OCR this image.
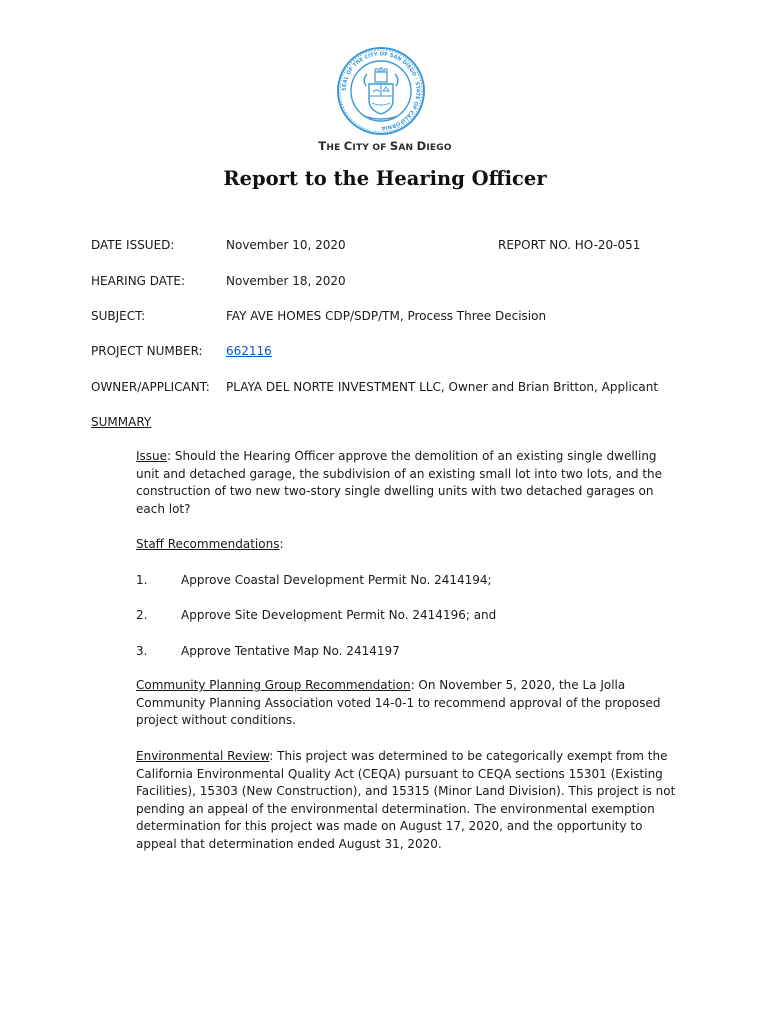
SEAL OF THE CITY OF SAN DIEGO · STATE OF CALIFORNIA
THE CITY OF SAN DIEGO
Report to the Hearing Officer
DATE ISSUED:	November 10, 2020	REPORT NO. HO-20-051
HEARING DATE:	November 18, 2020
SUBJECT:	FAY AVE HOMES CDP/SDP/TM, Process Three Decision
PROJECT NUMBER: 662116
OWNER/APPLICANT: PLAYA DEL NORTE INVESTMENT LLC, Owner and Brian Britton, Applicant
SUMMARY
Issue: Should the Hearing Officer approve the demolition of an existing single dwelling unit and detached garage, the subdivision of an existing small lot into two lots, and the construction of two new two-story single dwelling units with two detached garages on each lot?
Staff Recommendations:
1.	Approve Coastal Development Permit No. 2414194;
2.	Approve Site Development Permit No. 2414196; and
3.	Approve Tentative Map No. 2414197
Community Planning Group Recommendation: On November 5, 2020, the La Jolla Community Planning Association voted 14-0-1 to recommend approval of the proposed project without conditions.
Environmental Review: This project was determined to be categorically exempt from the California Environmental Quality Act (CEQA) pursuant to CEQA sections 15301 (Existing Facilities), 15303 (New Construction), and 15315 (Minor Land Division). This project is not pending an appeal of the environmental determination. The environmental exemption determination for this project was made on August 17, 2020, and the opportunity to appeal that determination ended August 31, 2020.
